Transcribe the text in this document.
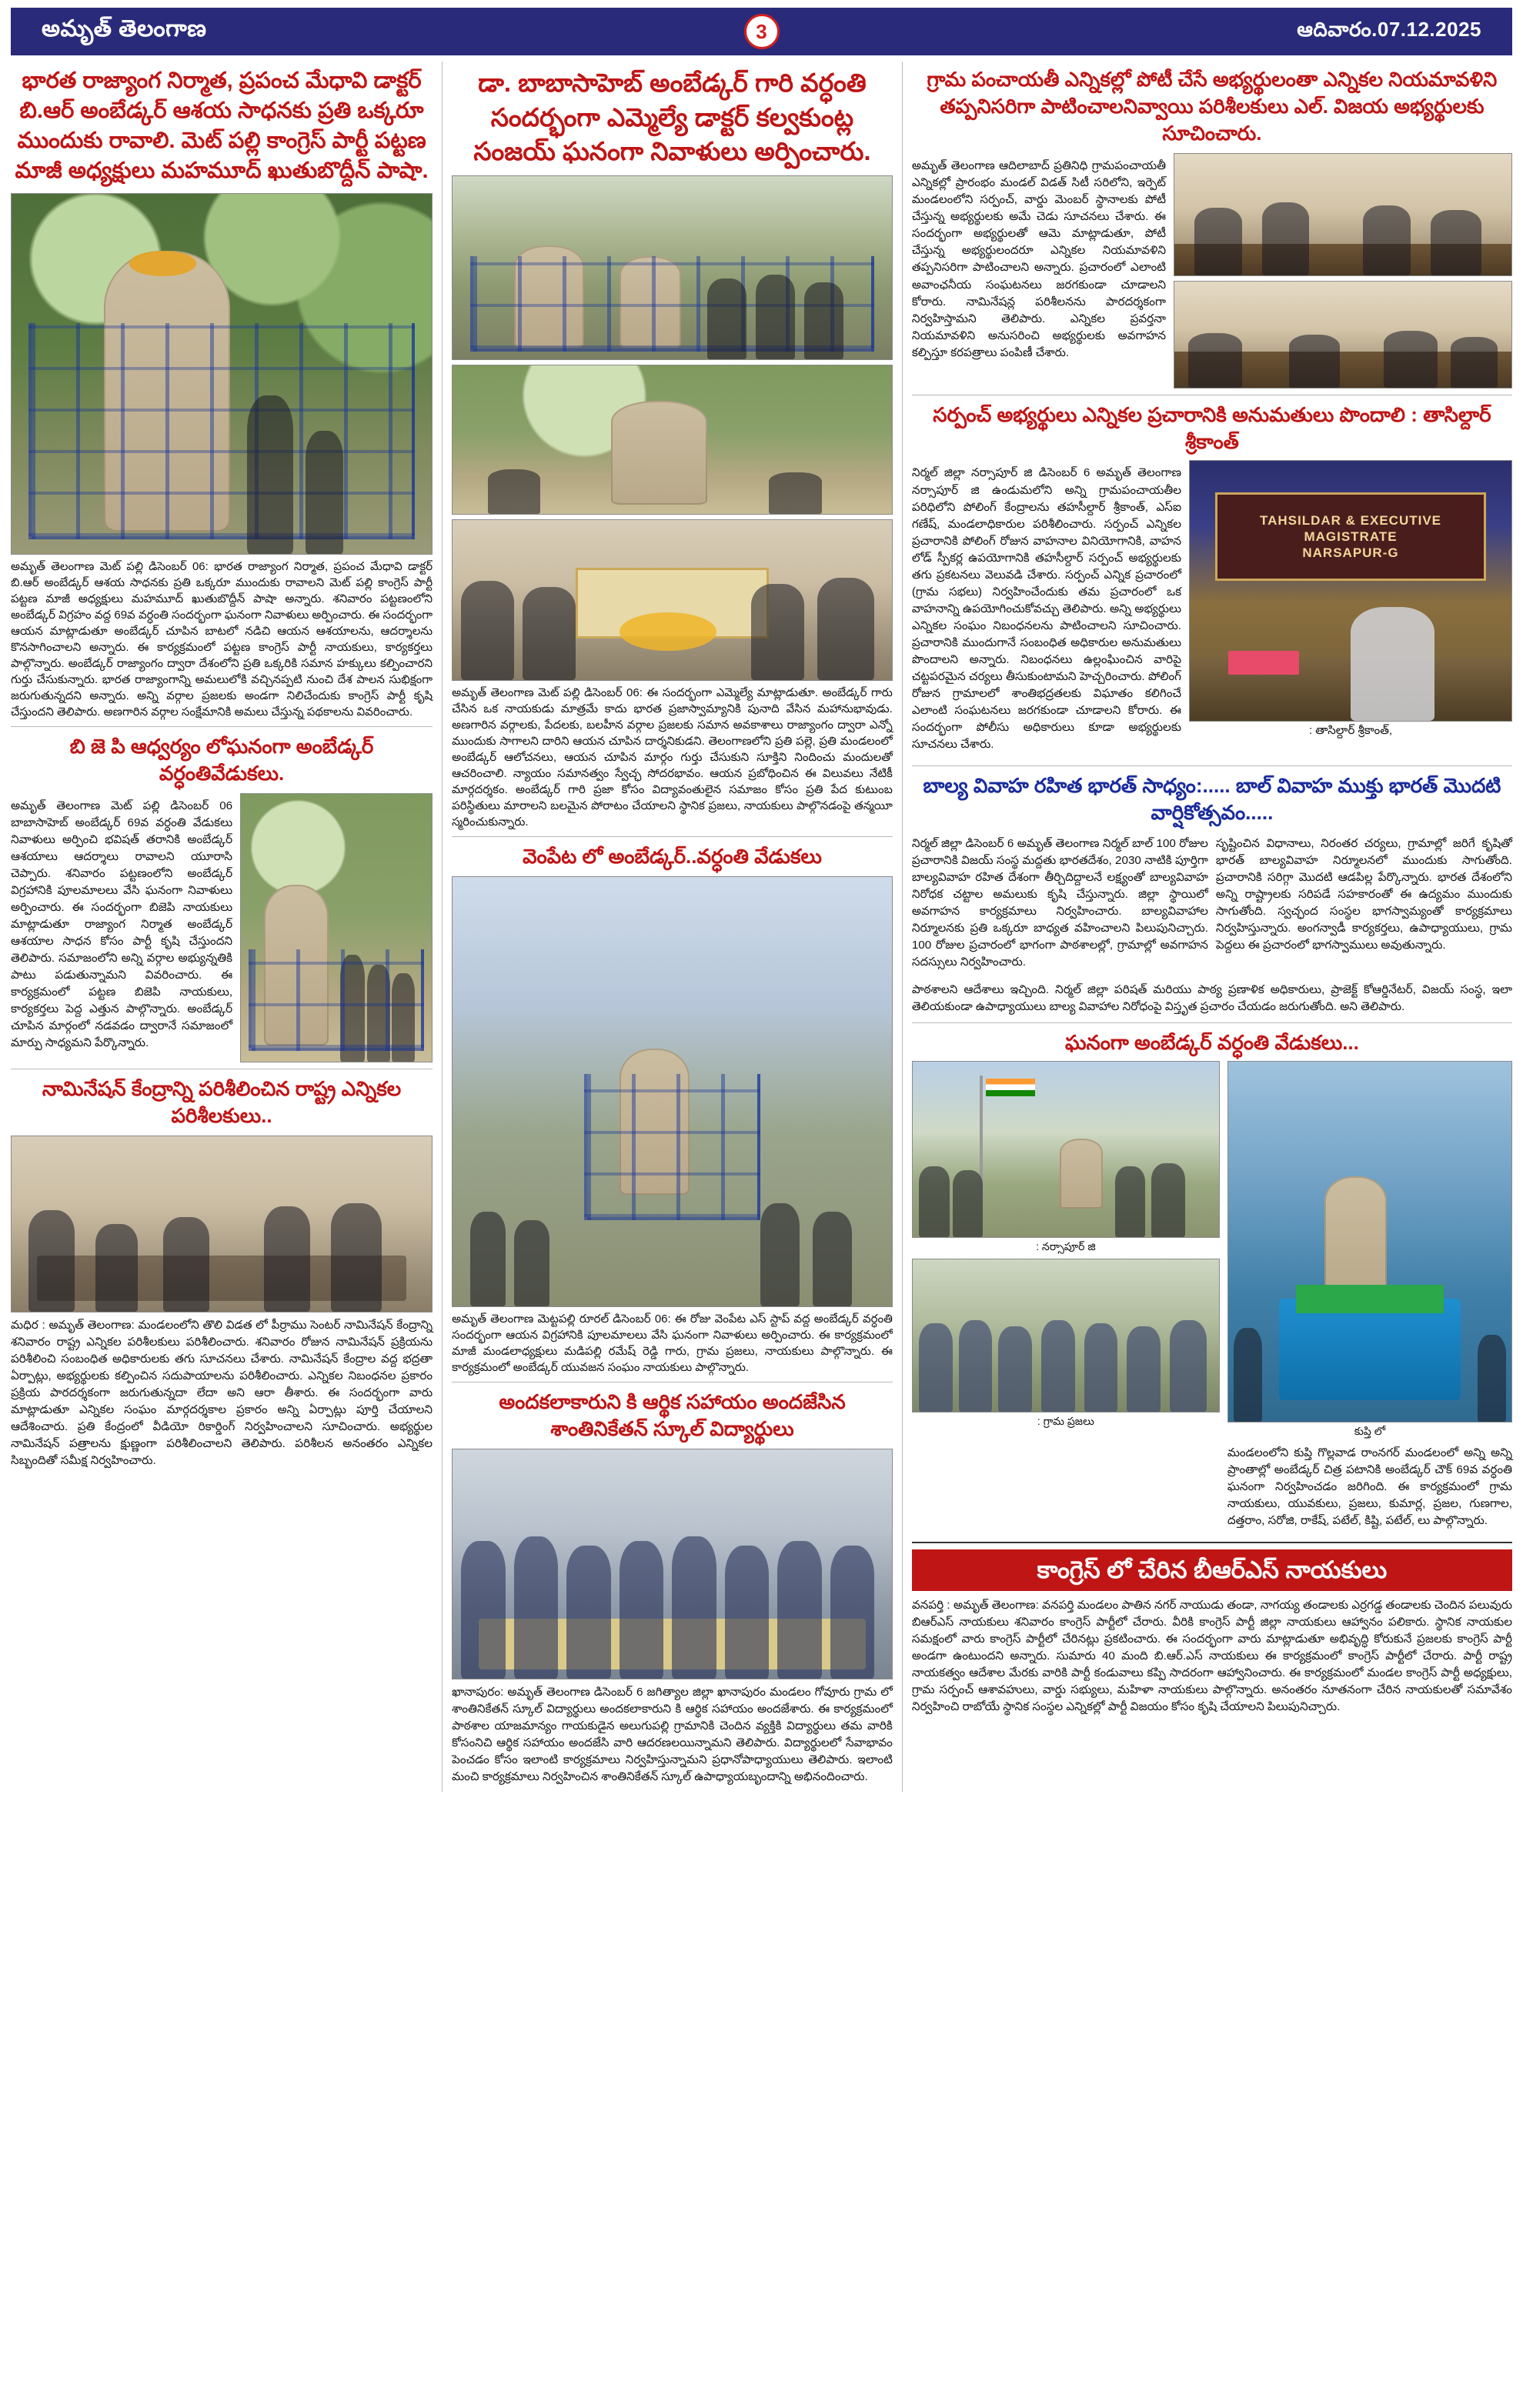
అమృత్ తెలంగాణ	3	ఆదివారం.07.12.2025
భారత రాజ్యాంగ నిర్మాత, ప్రపంచ మేధావి డాక్టర్ బి.ఆర్ అంబేడ్కర్ ఆశయ సాధనకు ప్రతి ఒక్కరూ ముందుకు రావాలి. మెట్ పల్లి కాంగ్రెస్ పార్టీ పట్టణ మాజీ అధ్యక్షులు మహమూద్ ఖుతుబొద్దీన్ పాషా.
అమృత్ తెలంగాణ మెట్ పల్లి డిసెంబర్ 06: భారత రాజ్యాంగ నిర్మాత, ప్రపంచ మేధావి డాక్టర్ బి.ఆర్ అంబేడ్కర్ ఆశయ సాధనకు ప్రతి ఒక్కరూ ముందుకు రావాలని మెట్ పల్లి కాంగ్రెస్ పార్టీ పట్టణ మాజీ అధ్యక్షులు మహమూద్ ఖుతుబొద్దీన్ పాషా అన్నారు. శనివారం పట్టణంలోని అంబేడ్కర్ విగ్రహం వద్ద 69వ వర్ధంతి సందర్భంగా ఘనంగా నివాళులు అర్పించారు. ఈ సందర్భంగా ఆయన మాట్లాడుతూ అంబేడ్కర్ చూపిన బాటలో నడిచి ఆయన ఆశయాలను, ఆదర్శాలను కొనసాగించాలని అన్నారు. ఈ కార్యక్రమంలో పట్టణ కాంగ్రెస్ పార్టీ నాయకులు, కార్యకర్తలు పాల్గొన్నారు. అంబేడ్కర్ రాజ్యాంగం ద్వారా దేశంలోని ప్రతి ఒక్కరికి సమాన హక్కులు కల్పించారని గుర్తు చేసుకున్నారు. భారత రాజ్యాంగాన్ని అమలులోకి వచ్చినప్పటి నుంచి దేశ పాలన సుభిక్షంగా జరుగుతున్నదని అన్నారు. అన్ని వర్గాల ప్రజలకు అండగా నిలిచేందుకు కాంగ్రెస్ పార్టీ కృషి చేస్తుందని తెలిపారు. అణగారిన వర్గాల సంక్షేమానికి అమలు చేస్తున్న పథకాలను వివరించారు.
బి జె పి ఆధ్వర్యం లోఘనంగా అంబేడ్కర్ వర్ధంతివేడుకలు.
అమృత్ తెలంగాణ మెట్ పల్లి డిసెంబర్ 06 బాబాసాహెబ్ అంబేడ్కర్ 69వ వర్ధంతి వేడుకలు నివాళులు అర్పించి భవిషత్ తరానికి అంబేడ్కర్ ఆశయాలు ఆదర్శాలు రావాలని యూరాసి చెప్పారు. శనివారం పట్టణంలోని అంబేడ్కర్ విగ్రహానికి పూలమాలలు వేసి ఘనంగా నివాళులు అర్పించారు. ఈ సందర్భంగా బిజెపి నాయకులు మాట్లాడుతూ రాజ్యాంగ నిర్మాత అంబేడ్కర్ ఆశయాల సాధన కోసం పార్టీ కృషి చేస్తుందని తెలిపారు. సమాజంలోని అన్ని వర్గాల అభ్యున్నతికి పాటు పడుతున్నామని వివరించారు. ఈ కార్యక్రమంలో పట్టణ బిజెపి నాయకులు, కార్యకర్తలు పెద్ద ఎత్తున పాల్గొన్నారు. అంబేడ్కర్ చూపిన మార్గంలో నడవడం ద్వారానే సమాజంలో మార్పు సాధ్యమని పేర్కొన్నారు.
నామినేషన్ కేంద్రాన్ని పరిశీలించిన రాష్ట్ర ఎన్నికల పరిశీలకులు..
మధిర : అమృత్ తెలంగాణ: మండలంలోని తొలి విడత లో పీర్రాము సెంటర్ నామినేషన్ కేంద్రాన్ని శనివారం రాష్ట్ర ఎన్నికల పరిశీలకులు పరిశీలించారు. శనివారం రోజున నామినేషన్ ప్రక్రియను పరిశీలించి సంబంధిత అధికారులకు తగు సూచనలు చేశారు. నామినేషన్ కేంద్రాల వద్ద భద్రతా ఏర్పాట్లు, అభ్యర్థులకు కల్పించిన సదుపాయాలను పరిశీలించారు. ఎన్నికల నిబంధనల ప్రకారం ప్రక్రియ పారదర్శకంగా జరుగుతున్నదా లేదా అని ఆరా తీశారు. ఈ సందర్భంగా వారు మాట్లాడుతూ ఎన్నికల సంఘం మార్గదర్శకాల ప్రకారం అన్ని ఏర్పాట్లు పూర్తి చేయాలని ఆదేశించారు. ప్రతి కేంద్రంలో వీడియో రికార్డింగ్ నిర్వహించాలని సూచించారు. అభ్యర్థుల నామినేషన్ పత్రాలను క్షుణ్ణంగా పరిశీలించాలని తెలిపారు. పరిశీలన అనంతరం ఎన్నికల సిబ్బందితో సమీక్ష నిర్వహించారు.
డా. బాబాసాహెబ్ అంబేడ్కర్ గారి వర్ధంతి సందర్భంగా ఎమ్మెల్యే డాక్టర్ కల్వకుంట్ల సంజయ్ ఘనంగా నివాళులు అర్పించారు.

అమృత్ తెలంగాణ మెట్ పల్లి డిసెంబర్ 06: ఈ సందర్భంగా ఎమ్మెల్యే మాట్లాడుతూ. అంబేడ్కర్ గారు చేసిన ఒక నాయకుడు మాత్రమే కాదు భారత ప్రజాస్వామ్యానికి పునాది వేసిన మహానుభావుడు. అణగారిన వర్గాలకు, పేదలకు, బలహీన వర్గాల ప్రజలకు సమాన అవకాశాలు రాజ్యాంగం ద్వారా ఎన్నో ముందుకు సాగాలని దారిని ఆయన చూపిన దార్శనికుడని. తెలంగాణలోని ప్రతి పల్లె, ప్రతి మండలంలో అంబేడ్కర్ ఆలోచనలు, ఆయన చూపిన మార్గం గుర్తు చేసుకుని సూక్తిని నిందించు మందులతో ఆచరించాలి. న్యాయం సమానత్వం స్వేచ్ఛ సోదరభావం. ఆయన ప్రబోధించిన ఈ విలువలు నేటికీ మార్గదర్శకం. అంబేడ్కర్ గారి ప్రజా కోసం విద్యావంతులైన సమాజం కోసం ప్రతి పేద కుటుంబ పరిస్థితులు మారాలని బలమైన పోరాటం చేయాలని స్థానిక ప్రజలు, నాయకులు పాల్గొనడంపై తన్మయీ స్మరించుకున్నారు.
వెంపేట లో అంబేడ్కర్..వర్ధంతి వేడుకలు
అమృత్ తెలంగాణ మెట్టపల్లి రూరల్ డిసెంబర్ 06: ఈ రోజు వెంపేట ఎస్ స్టాప్ వద్ద అంబేడ్కర్ వర్ధంతి సందర్భంగా ఆయన విగ్రహానికి పూలమాలలు వేసి ఘనంగా నివాళులు అర్పించారు. ఈ కార్యక్రమంలో మాజీ మండలాధ్యక్షులు మడిపల్లి రమేష్ రెడ్డి గారు, గ్రామ ప్రజలు, నాయకులు పాల్గొన్నారు. ఈ కార్యక్రమంలో అంబేడ్కర్ యువజన సంఘం నాయకులు పాల్గొన్నారు.
అందకలాకారుని కి ఆర్థిక సహాయం అందజేసిన శాంతినికేతన్ స్కూల్ విద్యార్థులు
ఖానాపురం: అమృత్ తెలంగాణ డిసెంబర్ 6 జగిత్యాల జిల్లా ఖానాపురం మండలం గోవూరు గ్రామ లో శాంతినికేతన్ స్కూల్ విద్యార్థులు అందకలాకారుని కి ఆర్థిక సహాయం అందజేశారు. ఈ కార్యక్రమంలో పాఠశాల యాజమాన్యం గాయకుడైన అలుగుపల్లి గ్రామానికి చెందిన వ్యక్తికి విద్యార్థులు తమ వారికి కోసంనిచి ఆర్థిక సహాయం అందజేసి వారి ఆదరణలయిన్నామని తెలిపారు. విద్యార్థులలో సేవాభావం పెంచడం కోసం ఇలాంటి కార్యక్రమాలు నిర్వహిస్తున్నామని ప్రధానోపాధ్యాయులు తెలిపారు. ఇలాంటి మంచి కార్యక్రమాలు నిర్వహించిన శాంతినికేతన్ స్కూల్ ఉపాధ్యాయబృందాన్ని అభినందించారు.
గ్రామ పంచాయతీ ఎన్నికల్లో పోటీ చేసే అభ్యర్థులంతా ఎన్నికల నియమావళిని తప్పనిసరిగా పాటించాలనివ్వాయి పరిశీలకులు ఎల్. విజయ అభ్యర్థులకు సూచించారు.
అమృత్ తెలంగాణ ఆదిలాబాద్ ప్రతినిధి గ్రామపంచాయతీ ఎన్నికల్లో ప్రారంభం మండల్ విడత్ సిటీ సరిలోని, ఇర్పెట్ మండలంలోని సర్పంచ్, వార్డు మెంబర్ స్థానాలకు పోటీ చేస్తున్న అభ్యర్థులకు అమే చెడు సూచనలు చేశారు. ఈ సందర్భంగా అభ్యర్థులతో ఆమె మాట్లాడుతూ, పోటీ చేస్తున్న అభ్యర్థులందరూ ఎన్నికల నియమావళిని తప్పనిసరిగా పాటించాలని అన్నారు. ప్రచారంలో ఎలాంటి అవాంఛనీయ సంఘటనలు జరగకుండా చూడాలని కోరారు. నామినేషన్ల పరిశీలనను పారదర్శకంగా నిర్వహిస్తామని తెలిపారు. ఎన్నికల ప్రవర్తనా నియమావళిని అనుసరించి అభ్యర్థులకు అవగాహన కల్పిస్తూ కరపత్రాలు పంపిణీ చేశారు.
సర్పంచ్ అభ్యర్థులు ఎన్నికల ప్రచారానికి అనుమతులు పొందాలి : తాసిల్దార్ శ్రీకాంత్
నిర్మల్ జిల్లా నర్సాపూర్ జి డిసెంబర్ 6 అమృత్ తెలంగాణ నర్సాపూర్ జి ఉండుమలోని అన్ని గ్రామపంచాయతీల పరిధిలోని పోలింగ్ కేంద్రాలను తహసీల్దార్ శ్రీకాంత్, ఎస్ఐ గణేష్, మండలాధికారుల పరిశీలించారు. సర్పంచ్ ఎన్నికల ప్రచారానికి పోలింగ్ రోజున వాహనాల వినియోగానికి, వాహన లోడ్ స్పీకర్ల ఉపయోగానికి తహసీల్దార్ సర్పంచ్ అభ్యర్థులకు తగు ప్రకటనలు వెలువడి చేశారు. సర్పంచ్ ఎన్నిక ప్రచారంలో (గ్రామ సభలు) నిర్వహించేందుకు తమ ప్రచారంలో ఒక వాహనాన్ని ఉపయోగించుకోవచ్చు తెలిపారు. అన్ని అభ్యర్థులు ఎన్నికల సంఘం నిబంధనలను పాటించాలని సూచించారు. ప్రచారానికి ముందుగానే సంబంధిత అధికారుల అనుమతులు పొందాలని అన్నారు. నిబంధనలు ఉల్లంఘించిన వారిపై చట్టపరమైన చర్యలు తీసుకుంటామని హెచ్చరించారు. పోలింగ్ రోజున గ్రామాలలో శాంతిభద్రతలకు విఘాతం కలిగించే ఎలాంటి సంఘటనలు జరగకుండా చూడాలని కోరారు. ఈ సందర్భంగా పోలీసు అధికారులు కూడా అభ్యర్థులకు సూచనలు చేశారు.
TAHSILDAR & EXECUTIVE MAGISTRATE
NARSAPUR-G
: తాసిల్దార్ శ్రీకాంత్,
బాల్య వివాహ రహిత భారత్ సాధ్యం:..... బాల్ వివాహ ముక్తు భారత్ మొదటి వార్షికోత్సవం.....
నిర్మల్ జిల్లా డిసెంబర్ 6 అమృత్ తెలంగాణ నిర్మల్ బాల్ 100 రోజుల ప్రచారానికి విజయ్ సంస్థ మద్దతు భారతదేశం, 2030 నాటికి పూర్తిగా బాల్యవివాహ రహిత దేశంగా తీర్చిదిద్దాలనే లక్ష్యంతో బాల్యవివాహ నిరోధక చట్టాల అమలుకు కృషి చేస్తున్నారు. జిల్లా స్థాయిలో అవగాహన కార్యక్రమాలు నిర్వహించారు. బాల్యవివాహాల నిర్మూలనకు ప్రతి ఒక్కరూ బాధ్యత వహించాలని పిలుపునిచ్చారు. 100 రోజుల ప్రచారంలో భాగంగా పాఠశాలల్లో, గ్రామాల్లో అవగాహన సదస్సులు నిర్వహించారు.
సృష్టించిన విధానాలు, నిరంతర చర్యలు, గ్రామాల్లో జరిగే కృషితో భారత్ బాల్యవివాహ నిర్మూలనలో ముందుకు సాగుతోంది. ప్రచారానికి సరిగ్గా మొదటి ఆడపిల్ల పేర్కొన్నారు. భారత దేశంలోని అన్ని రాష్ట్రాలకు సరిపడే సహకారంతో ఈ ఉద్యమం ముందుకు సాగుతోంది. స్వచ్ఛంద సంస్థల భాగస్వామ్యంతో కార్యక్రమాలు నిర్వహిస్తున్నారు. అంగన్వాడీ కార్యకర్తలు, ఉపాధ్యాయులు, గ్రామ పెద్దలు ఈ ప్రచారంలో భాగస్వాములు అవుతున్నారు.
పాఠశాలని ఆదేశాలు ఇచ్చింది. నిర్మల్ జిల్లా పరిషత్ మరియు పాఠ్య ప్రణాళిక అధికారులు, ప్రాజెక్ట్ కోఆర్డినేటర్, విజయ్ సంస్థ, ఇలా తెలియకుండా ఉపాధ్యాయులు బాల్య వివాహాల నిరోధంపై విస్తృత ప్రచారం చేయడం జరుగుతోంది. అని తెలిపారు.
ఘనంగా అంబేడ్కర్ వర్ధంతి వేడుకలు...
: నర్సాపూర్ జి
: గ్రామ ప్రజలు
కుప్తి లో
మండలంలోని కుప్తి గొల్లవాడ రాంనగర్ మండలంలో అన్ని అన్ని ప్రాంతాల్లో అంబేడ్కర్ చిత్ర పటానికి అంబేడ్కర్ చౌక్ 69వ వర్ధంతి ఘనంగా నిర్వహించడం జరిగింది. ఈ కార్యక్రమంలో గ్రామ నాయకులు, యువకులు, ప్రజలు, కుమార్ల, ప్రజల, గుణగాల, దత్తరాం, సరోజి, రాకేష్, పటేల్, కిష్టి, పటేల్, లు పాల్గొన్నారు.
కాంగ్రెస్ లో చేరిన బీఆర్ఎస్ నాయకులు
వనపర్తి : అమృత్ తెలంగాణ: వనపర్తి మండలం పాతిన నగర్ నాయుడు తండా, నాగయ్య తండాలకు ఎర్రగడ్డ తండాలకు చెందిన పలువురు బిఆర్ఎస్ నాయకులు శనివారం కాంగ్రెస్ పార్టీలో చేరారు. వీరికి కాంగ్రెస్ పార్టీ జిల్లా నాయకులు ఆహ్వానం పలికారు. స్థానిక నాయకుల సమక్షంలో వారు కాంగ్రెస్ పార్టీలో చేరినట్లు ప్రకటించారు. ఈ సందర్భంగా వారు మాట్లాడుతూ అభివృద్ధి కోరుకునే ప్రజలకు కాంగ్రెస్ పార్టీ అండగా ఉంటుందని అన్నారు. సుమారు 40 మంది బి.ఆర్.ఎస్ నాయకులు ఈ కార్యక్రమంలో కాంగ్రెస్ పార్టీలో చేరారు. పార్టీ రాష్ట్ర నాయకత్వం ఆదేశాల మేరకు వారికి పార్టీ కండువాలు కప్పి సాదరంగా ఆహ్వానించారు. ఈ కార్యక్రమంలో మండల కాంగ్రెస్ పార్టీ అధ్యక్షులు, గ్రామ సర్పంచ్ ఆశావహులు, వార్డు సభ్యులు, మహిళా నాయకులు పాల్గొన్నారు. అనంతరం నూతనంగా చేరిన నాయకులతో సమావేశం నిర్వహించి రాబోయే స్థానిక సంస్థల ఎన్నికల్లో పార్టీ విజయం కోసం కృషి చేయాలని పిలుపునిచ్చారు.
